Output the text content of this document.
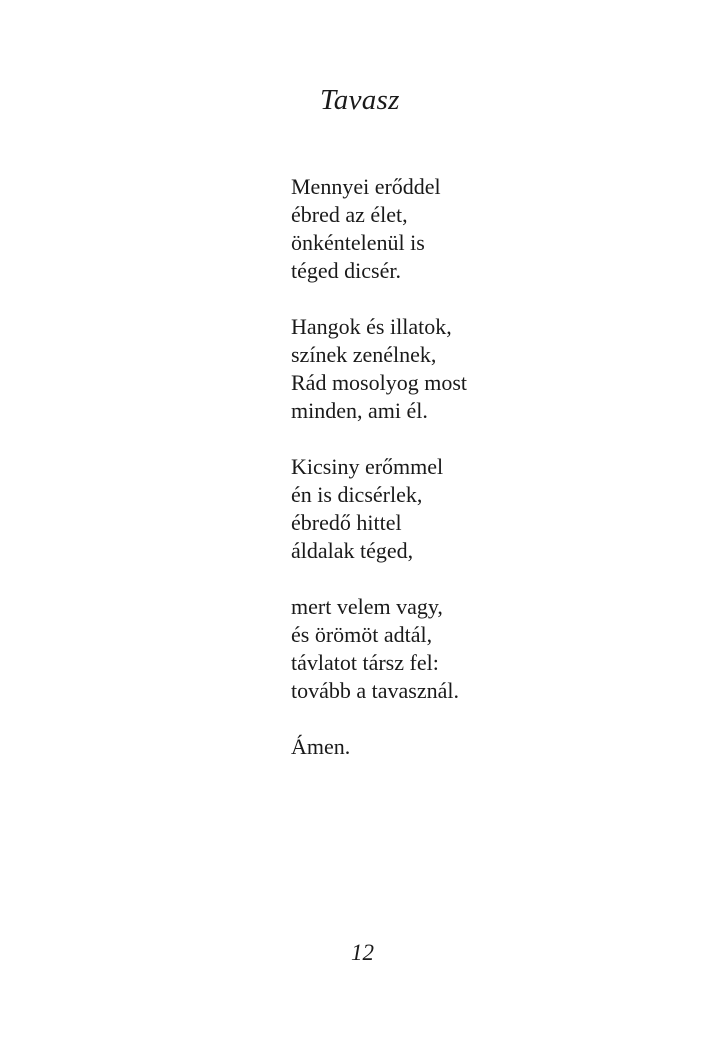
Tavasz
Mennyei erőddel
ébred az élet,
önkéntelenül is
téged dicsér.
Hangok és illatok,
színek zenélnek,
Rád mosolyog most
minden, ami él.
Kicsiny erőmmel
én is dicsérlek,
ébredő hittel
áldalak téged,
mert velem vagy,
és örömöt adtál,
távlatot társz fel:
tovább a tavasznál.
Ámen.
12
